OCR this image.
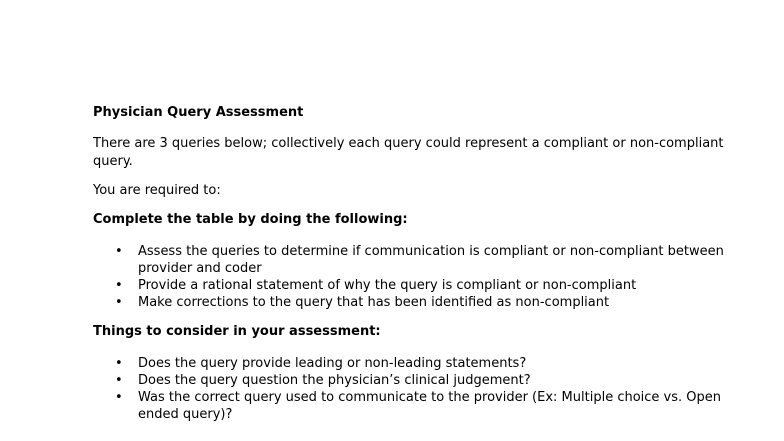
Physician Query Assessment
There are 3 queries below; collectively each query could represent a compliant or non-compliant query.
You are required to:
Complete the table by doing the following:
• Assess the queries to determine if communication is compliant or non-compliant between provider and coder
• Provide a rational statement of why the query is compliant or non-compliant
• Make corrections to the query that has been identified as non-compliant
Things to consider in your assessment:
• Does the query provide leading or non-leading statements?
• Does the query question the physician’s clinical judgement?
• Was the correct query used to communicate to the provider (Ex: Multiple choice vs. Open ended query)?
